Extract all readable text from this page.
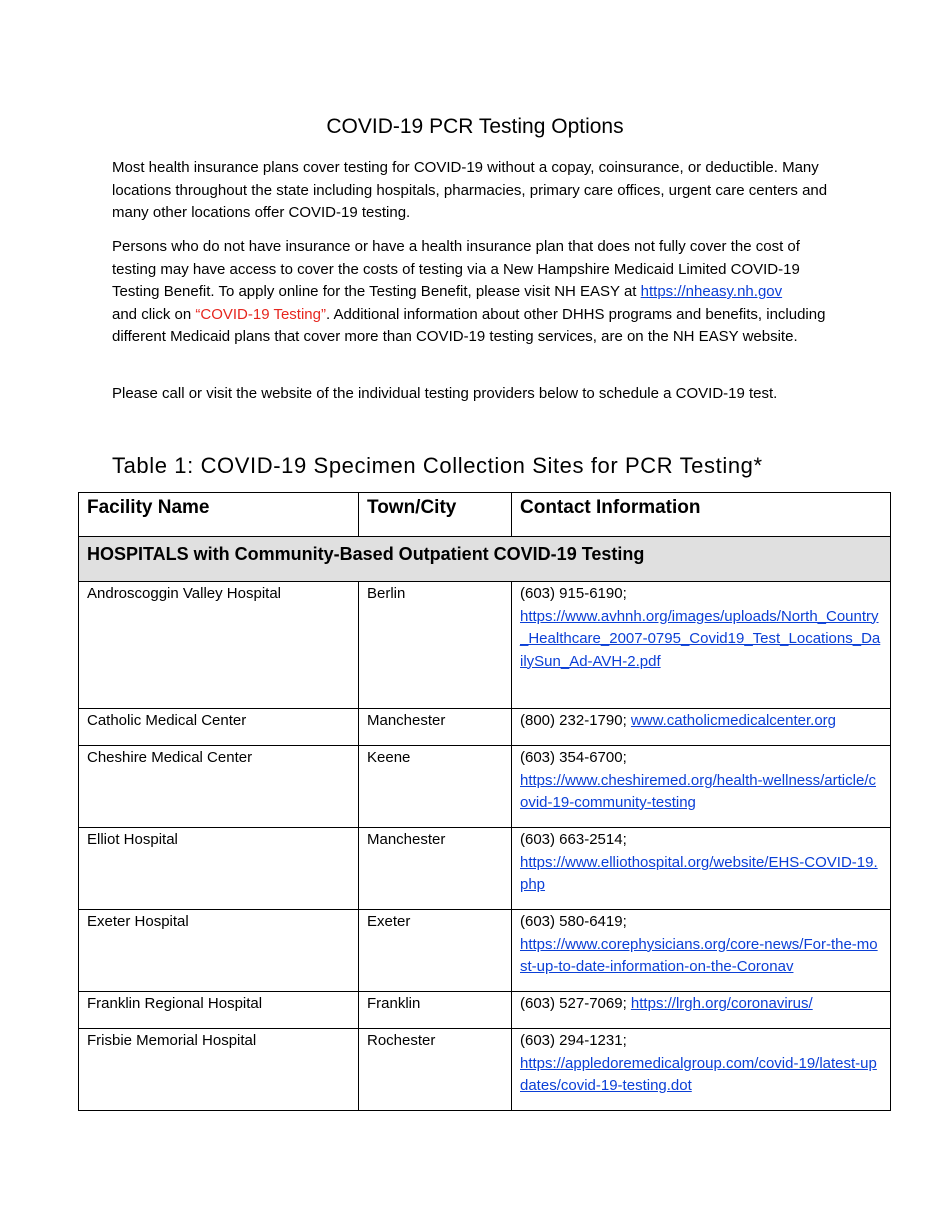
COVID-19 PCR Testing Options

Most health insurance plans cover testing for COVID-19 without a copay, coinsurance, or deductible. Many locations throughout the state including hospitals, pharmacies, primary care offices, urgent care centers and many other locations offer COVID-19 testing.

Persons who do not have insurance or have a health insurance plan that does not fully cover the cost of testing may have access to cover the costs of testing via a New Hampshire Medicaid Limited COVID-19 Testing Benefit. To apply online for the Testing Benefit, please visit NH EASY at https://nheasy.nh.gov
and click on “COVID-19 Testing”. Additional information about other DHHS programs and benefits, including different Medicaid plans that cover more than COVID-19 testing services, are on the NH EASY website.

Please call or visit the website of the individual testing providers below to schedule a COVID-19 test.

Table 1: COVID-19 Specimen Collection Sites for PCR Testing*
Facility Name	Town/City	Contact Information
HOSPITALS with Community-Based Outpatient COVID-19 Testing		
Androscoggin Valley Hospital	Berlin	(603) 915-6190;
https://www.avhnh.org/images/uploads/North_Country_Healthcare_2007-0795_Covid19_Test_Locations_DailySun_Ad-AVH-2.pdf
Catholic Medical Center	Manchester	(800) 232-1790; www.catholicmedicalcenter.org
Cheshire Medical Center	Keene	(603) 354-6700;
https://www.cheshiremed.org/health-wellness/article/covid-19-community-testing
Elliot Hospital	Manchester	(603) 663-2514;
https://www.elliothospital.org/website/EHS-COVID-19.php
Exeter Hospital	Exeter	(603) 580-6419;
https://www.corephysicians.org/core-news/For-the-most-up-to-date-information-on-the-Coronav
Franklin Regional Hospital	Franklin	(603) 527-7069; https://lrgh.org/coronavirus/
Frisbie Memorial Hospital	Rochester	(603) 294-1231;
https://appledoremedicalgroup.com/covid-19/latest-updates/covid-19-testing.dot
